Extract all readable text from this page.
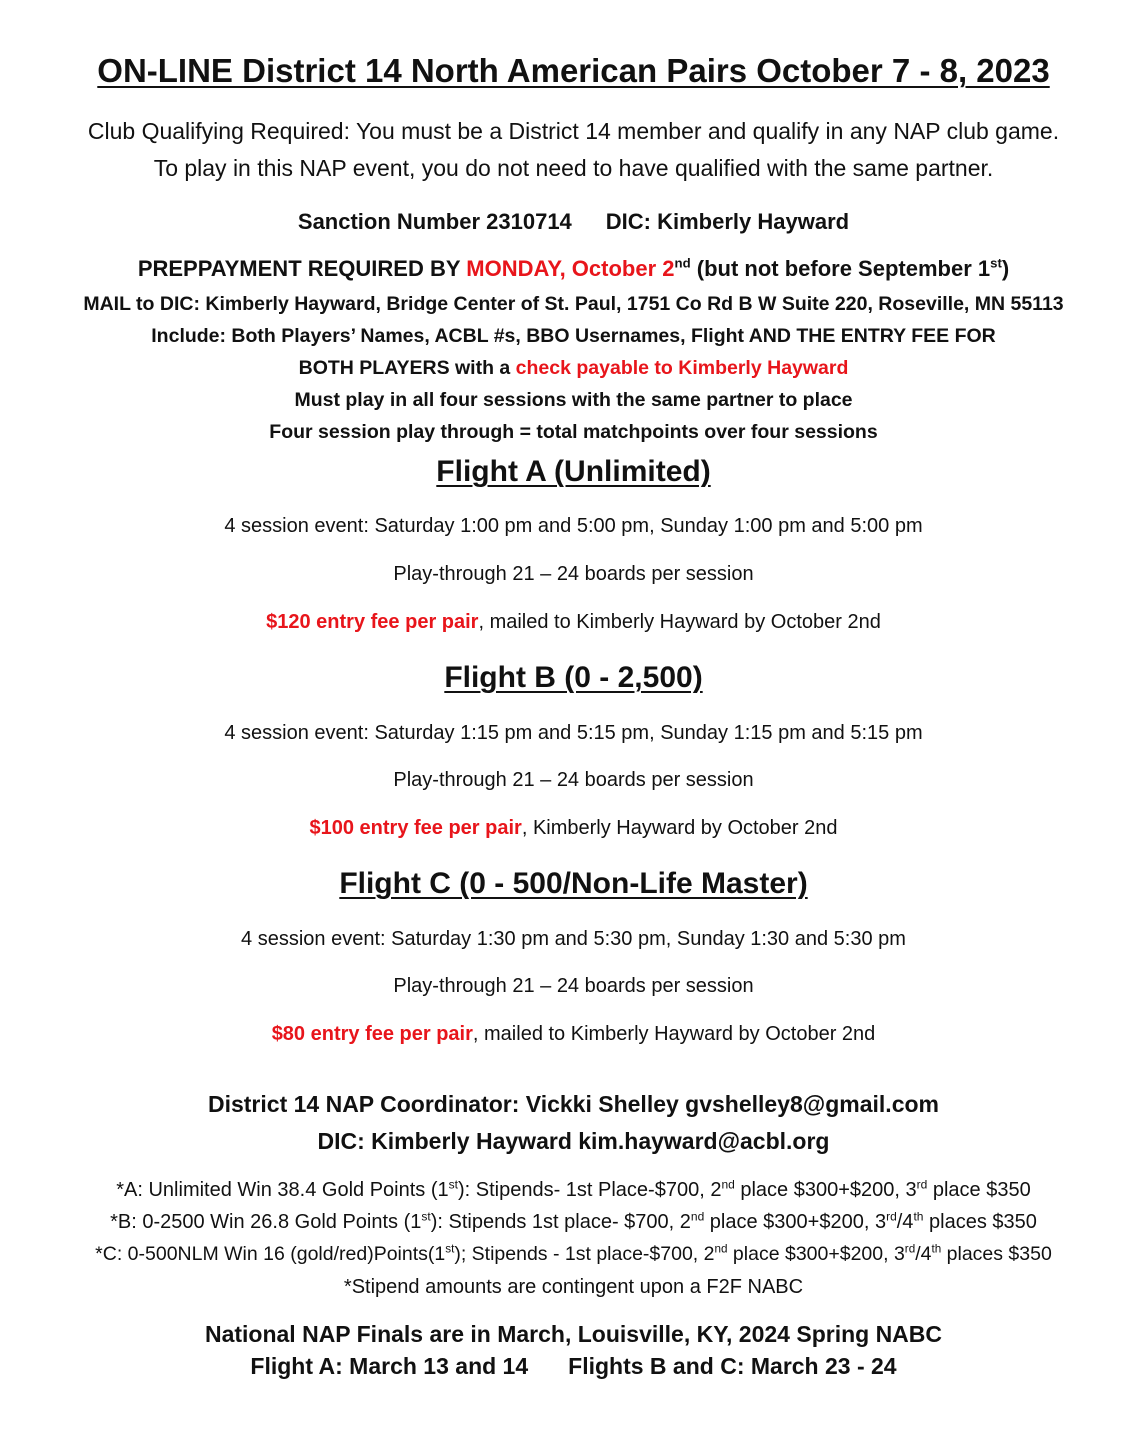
ON-LINE District 14 North American Pairs October 7 - 8, 2023
Club Qualifying Required: You must be a District 14 member and qualify in any NAP club game.
To play in this NAP event, you do not need to have qualified with the same partner.
Sanction Number 2310714 DIC: Kimberly Hayward
PREPPAYMENT REQUIRED BY MONDAY, October 2nd (but not before September 1st)
MAIL to DIC: Kimberly Hayward, Bridge Center of St. Paul, 1751 Co Rd B W Suite 220, Roseville, MN 55113
Include: Both Players’ Names, ACBL #s, BBO Usernames, Flight AND THE ENTRY FEE FOR
BOTH PLAYERS with a check payable to Kimberly Hayward
Must play in all four sessions with the same partner to place
Four session play through = total matchpoints over four sessions
Flight A (Unlimited)
4 session event: Saturday 1:00 pm and 5:00 pm, Sunday 1:00 pm and 5:00 pm
Play-through 21 – 24 boards per session
$120 entry fee per pair, mailed to Kimberly Hayward by October 2nd
Flight B (0 - 2,500)
4 session event: Saturday 1:15 pm and 5:15 pm, Sunday 1:15 pm and 5:15 pm
Play-through 21 – 24 boards per session
$100 entry fee per pair, Kimberly Hayward by October 2nd
Flight C (0 - 500/Non-Life Master)
4 session event: Saturday 1:30 pm and 5:30 pm, Sunday 1:30 and 5:30 pm
Play-through 21 – 24 boards per session
$80 entry fee per pair, mailed to Kimberly Hayward by October 2nd
District 14 NAP Coordinator: Vickki Shelley gvshelley8@gmail.com
DIC: Kimberly Hayward kim.hayward@acbl.org
*A: Unlimited Win 38.4 Gold Points (1st): Stipends- 1st Place-$700, 2nd place $300+$200, 3rd place $350
*B: 0-2500 Win 26.8 Gold Points (1st): Stipends 1st place- $700, 2nd place $300+$200, 3rd/4th places $350
*C: 0-500NLM Win 16 (gold/red)Points(1st); Stipends - 1st place-$700, 2nd place $300+$200, 3rd/4th places $350
*Stipend amounts are contingent upon a F2F NABC
National NAP Finals are in March, Louisville, KY, 2024 Spring NABC
Flight A: March 13 and 14 Flights B and C: March 23 - 24
